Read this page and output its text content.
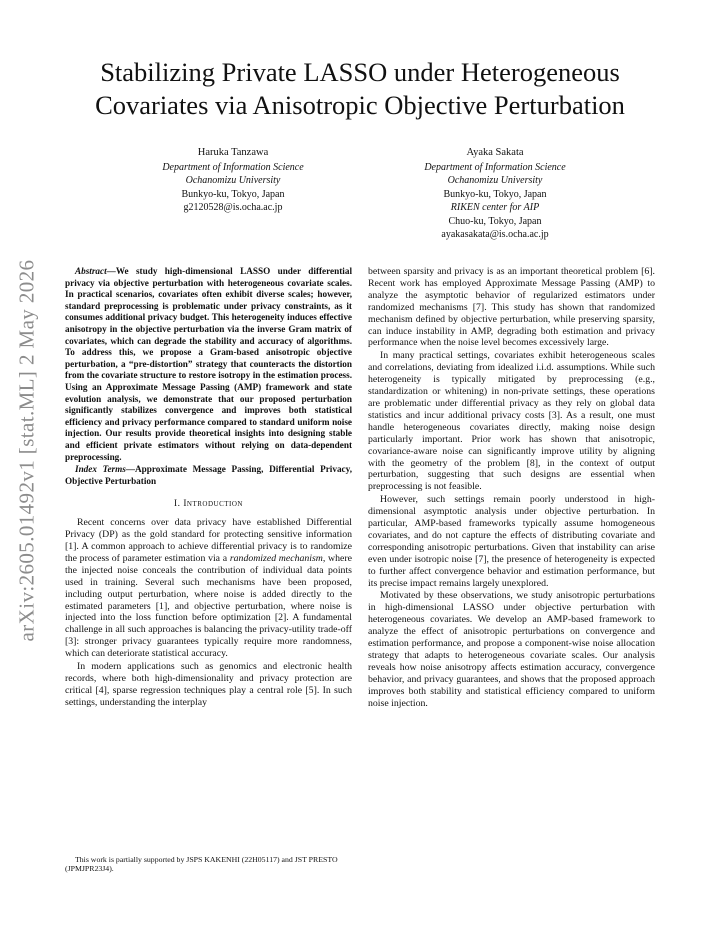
arXiv:2605.01492v1 [stat.ML] 2 May 2026
Stabilizing Private LASSO under Heterogeneous
Covariates via Anisotropic Objective Perturbation
Haruka Tanzawa
Department of Information Science
Ochanomizu University
Bunkyo-ku, Tokyo, Japan
g2120528@is.ocha.ac.jp
Ayaka Sakata
Department of Information Science
Ochanomizu University
Bunkyo-ku, Tokyo, Japan
RIKEN center for AIP
Chuo-ku, Tokyo, Japan
ayakasakata@is.ocha.ac.jp

Abstract—We study high-dimensional LASSO under differential privacy via objective perturbation with heterogeneous covariate scales. In practical scenarios, covariates often exhibit diverse scales; however, standard preprocessing is problematic under privacy constraints, as it consumes additional privacy budget. This heterogeneity induces effective anisotropy in the objective perturbation via the inverse Gram matrix of covariates, which can degrade the stability and accuracy of algorithms. To address this, we propose a Gram-based anisotropic objective perturbation, a “pre-distortion” strategy that counteracts the distortion from the covariate structure to restore isotropy in the estimation process. Using an Approximate Message Passing (AMP) framework and state evolution analysis, we demonstrate that our proposed perturbation significantly stabilizes convergence and improves both statistical efficiency and privacy performance compared to standard uniform noise injection. Our results provide theoretical insights into designing stable and efficient private estimators without relying on data-dependent preprocessing.

Index Terms—Approximate Message Passing, Differential Privacy, Objective Perturbation

I. Introduction

Recent concerns over data privacy have established Differential Privacy (DP) as the gold standard for protecting sensitive information [1]. A common approach to achieve differential privacy is to randomize the process of parameter estimation via a randomized mechanism, where the injected noise conceals the contribution of individual data points used in training. Several such mechanisms have been proposed, including output perturbation, where noise is added directly to the estimated parameters [1], and objective perturbation, where noise is injected into the loss function before optimization [2]. A fundamental challenge in all such approaches is balancing the privacy-utility trade-off [3]: stronger privacy guarantees typically require more randomness, which can deteriorate statistical accuracy.

In modern applications such as genomics and electronic health records, where both high-dimensionality and privacy protection are critical [4], sparse regression techniques play a central role [5]. In such settings, understanding the interplay

between sparsity and privacy is as an important theoretical problem [6]. Recent work has employed Approximate Message Passing (AMP) to analyze the asymptotic behavior of regularized estimators under randomized mechanisms [7]. This study has shown that randomized mechanism defined by objective perturbation, while preserving sparsity, can induce instability in AMP, degrading both estimation and privacy performance when the noise level becomes excessively large.

In many practical settings, covariates exhibit heterogeneous scales and correlations, deviating from idealized i.i.d. assumptions. While such heterogeneity is typically mitigated by preprocessing (e.g., standardization or whitening) in non-private settings, these operations are problematic under differential privacy as they rely on global data statistics and incur additional privacy costs [3]. As a result, one must handle heterogeneous covariates directly, making noise design particularly important. Prior work has shown that anisotropic, covariance-aware noise can significantly improve utility by aligning with the geometry of the problem [8], in the context of output perturbation, suggesting that such designs are essential when preprocessing is not feasible.

However, such settings remain poorly understood in high-dimensional asymptotic analysis under objective perturbation. In particular, AMP-based frameworks typically assume homogeneous covariates, and do not capture the effects of distributing covariate and corresponding anisotropic perturbations. Given that instability can arise even under isotropic noise [7], the presence of heterogeneity is expected to further affect convergence behavior and estimation performance, but its precise impact remains largely unexplored.

Motivated by these observations, we study anisotropic perturbations in high-dimensional LASSO under objective perturbation with heterogeneous covariates. We develop an AMP-based framework to analyze the effect of anisotropic perturbations on convergence and estimation performance, and propose a component-wise noise allocation strategy that adapts to heterogeneous covariate scales. Our analysis reveals how noise anisotropy affects estimation accuracy, convergence behavior, and privacy guarantees, and shows that the proposed approach improves both stability and statistical efficiency compared to uniform noise injection.

This work is partially supported by JSPS KAKENHI (22H05117) and JST PRESTO (JPMJPR23J4).
